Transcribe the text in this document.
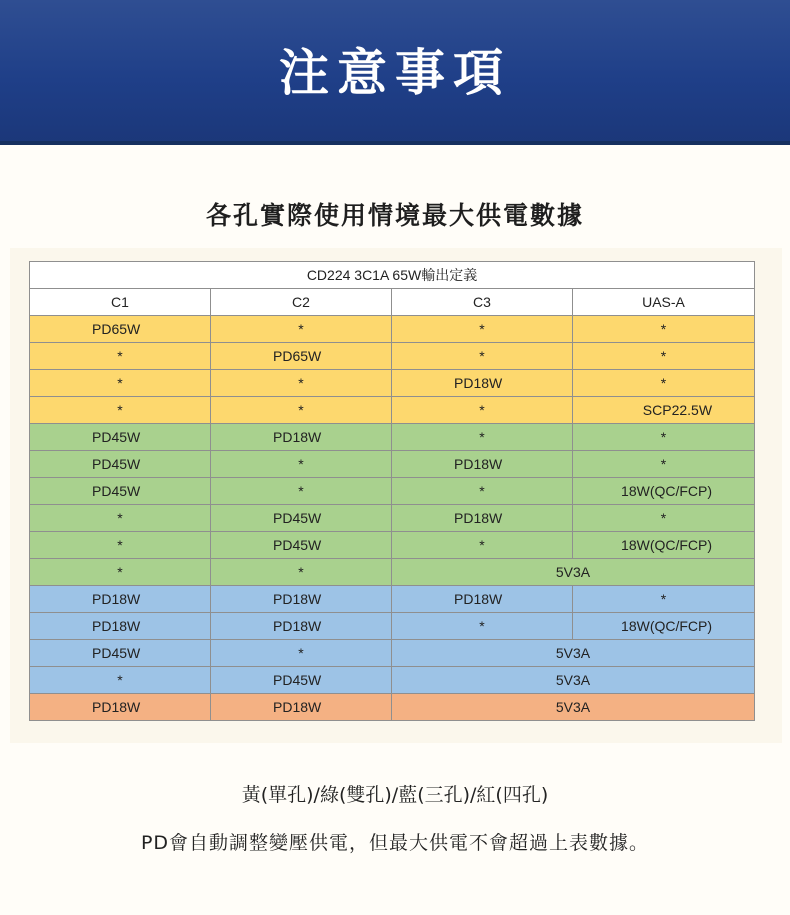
注意事項
各孔實際使用情境最大供電數據
CD224 3C1A 65W輸出定義			
C1	C2	C3	UAS-A
PD65W	*	*	*
*	PD65W	*	*
*	*	PD18W	*
*	*	*	SCP22.5W
PD45W	PD18W	*	*
PD45W	*	PD18W	*
PD45W	*	*	18W(QC/FCP)
*	PD45W	PD18W	*
*	PD45W	*	18W(QC/FCP)
*	*	5V3A	
PD18W	PD18W	PD18W	*
PD18W	PD18W	*	18W(QC/FCP)
PD45W	*	5V3A	
*	PD45W	5V3A	
PD18W	PD18W	5V3A	
黃(單孔)/綠(雙孔)/藍(三孔)/紅(四孔)
PD會自動調整變壓供電，但最大供電不會超過上表數據。
